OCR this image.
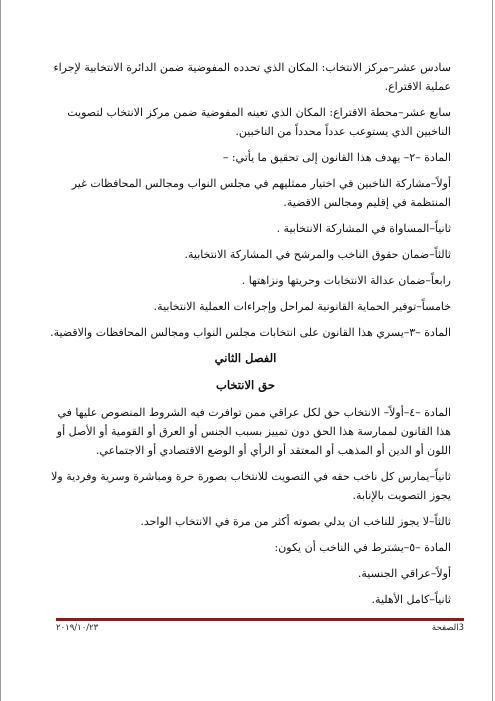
سادس عشر–مركز الانتخاب: المكان الذي تحدده المفوضية ضمن الدائرة الانتخابية لإجراء عملية الاقتراع.

سابع عشر–محطة الاقتراع: المكان الذي تعينه المفوضية ضمن مركز الانتخاب لتصويت الناخبين الذي يستوعب عدداً محدداً من الناخبين.

المادة –٢– يهدف هذا القانون إلى تحقيق ما يأتي: –

أولاً–مشاركة الناخبين في اختيار ممثليهم في مجلس النواب ومجالس المحافظات غير المنتظمة في إقليم ومجالس الاقضية.

ثانياً–المساواة في المشاركة الانتخابية .

ثالثاً–ضمان حقوق الناخب والمرشح في المشاركة الانتخابية.

رابعاً–ضمان عدالة الانتخابات وحريتها ونزاهتها .

خامساً–توفير الحماية القانونية لمراحل وإجراءات العملية الانتخابية.

المادة –٣–يسري هذا القانون على انتخابات مجلس النواب ومجالس المحافظات والاقضية.

الفصل الثاني
حق الانتخاب

المادة –٤–أولاً– الانتخاب حق لكل عراقي ممن توافرت فيه الشروط المنصوص عليها في هذا القانون لممارسة هذا الحق دون تمييز بسبب الجنس أو العرق أو القومية أو الأصل أو اللون أو الدين أو المذهب أو المعتقد أو الرأي أو الوضع الاقتصادي أو الاجتماعي.

ثانياً–يمارس كل ناخب حقه في التصويت للانتخاب بصورة حرة ومباشرة وسرية وفردية ولا يجوز التصويت بالإنابة.

ثالثاً–لا يجوز للناخب ان يدلي بصوته أكثر من مرة في الانتخاب الواحد.

المادة –٥–يشترط في الناخب أن يكون:

أولاً–عراقي الجنسية.

ثانياً–كامل الأهلية.

3الصفحة
٢٠١٩/١٠/٢٣
